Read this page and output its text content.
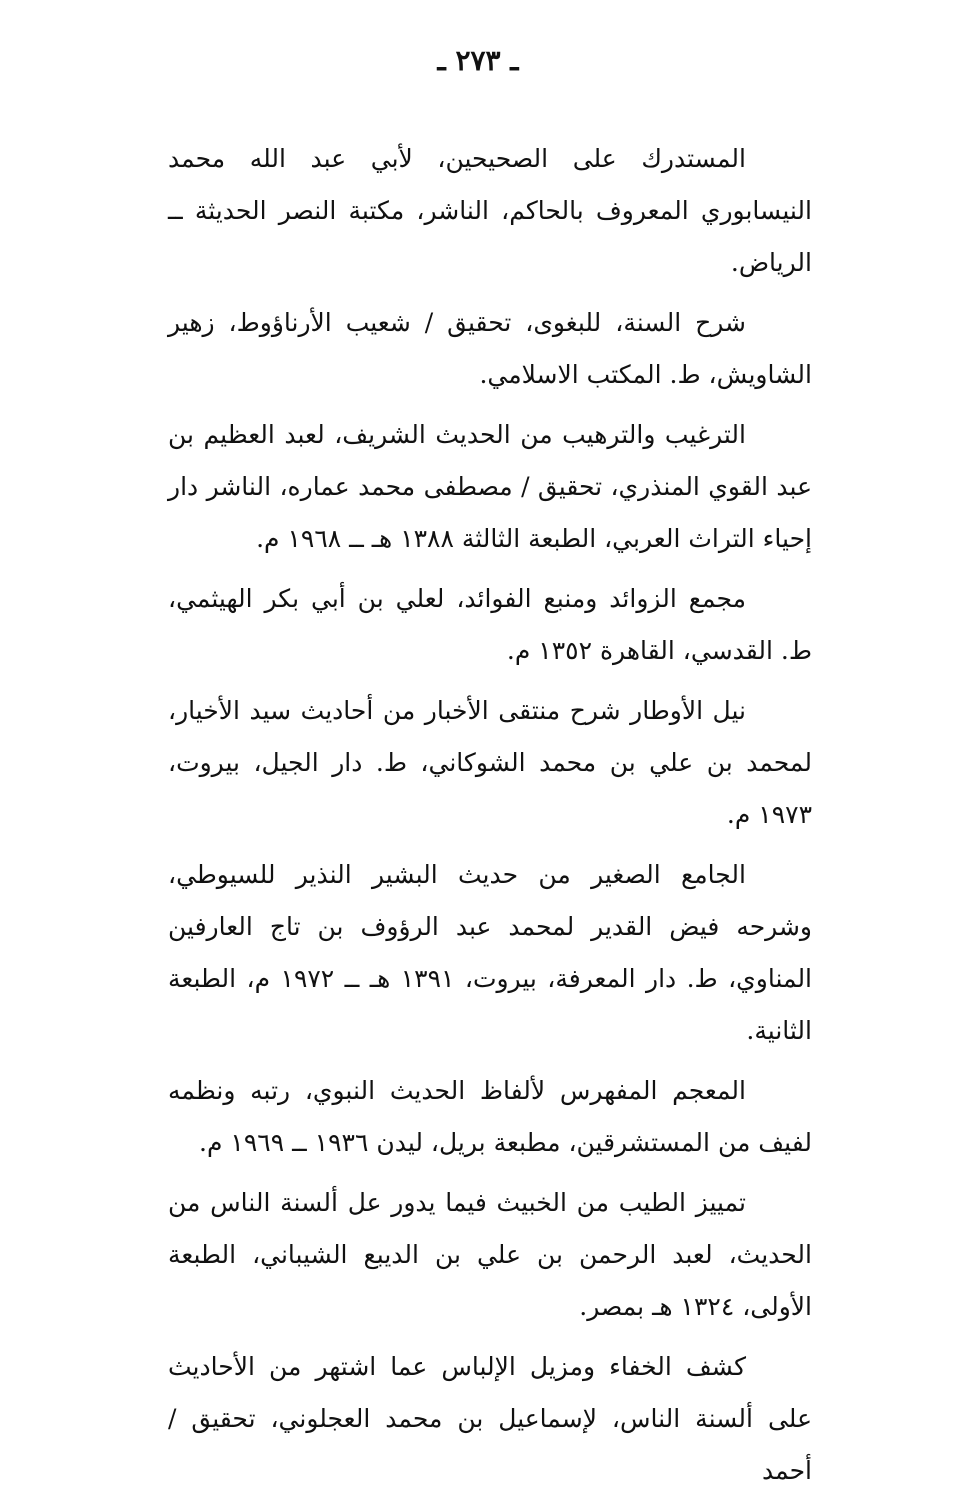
ـ ٢٧٣ ـ

المستدرك على الصحيحين، لأبي عبد الله محمد النيسابوري المعروف بالحاكم، الناشر، مكتبة النصر الحديثة ــ الرياض.

شرح السنة، للبغوى، تحقيق / شعيب الأرناؤوط، زهير الشاويش، ط. المكتب الاسلامي.

الترغيب والترهيب من الحديث الشريف، لعبد العظيم بن عبد القوي المنذري، تحقيق / مصطفى محمد عماره، الناشر دار إحياء التراث العربي، الطبعة الثالثة ١٣٨٨ هـ ــ ١٩٦٨ م.

مجمع الزوائد ومنبع الفوائد، لعلي بن أبي بكر الهيثمي، ط. القدسي، القاهرة ١٣٥٢ م.

نيل الأوطار شرح منتقى الأخبار من أحاديث سيد الأخيار، لمحمد بن علي بن محمد الشوكاني، ط. دار الجيل، بيروت، ١٩٧٣ م.

الجامع الصغير من حديث البشير النذير للسيوطي، وشرحه فيض القدير لمحمد عبد الرؤوف بن تاج العارفين المناوي، ط. دار المعرفة، بيروت، ١٣٩١ هـ ــ ١٩٧٢ م، الطبعة الثانية.

المعجم المفهرس لألفاظ الحديث النبوي، رتبه ونظمه لفيف من المستشرقين، مطبعة بريل، ليدن ١٩٣٦ ــ ١٩٦٩ م.

تمييز الطيب من الخبيث فيما يدور عل ألسنة الناس من الحديث، لعبد الرحمن بن علي بن الديبع الشيباني، الطبعة الأولى، ١٣٢٤ هـ بمصر.

كشف الخفاء ومزيل الإلباس عما اشتهر من الأحاديث على ألسنة الناس، لإسماعيل بن محمد العجلوني، تحقيق / أحمد
